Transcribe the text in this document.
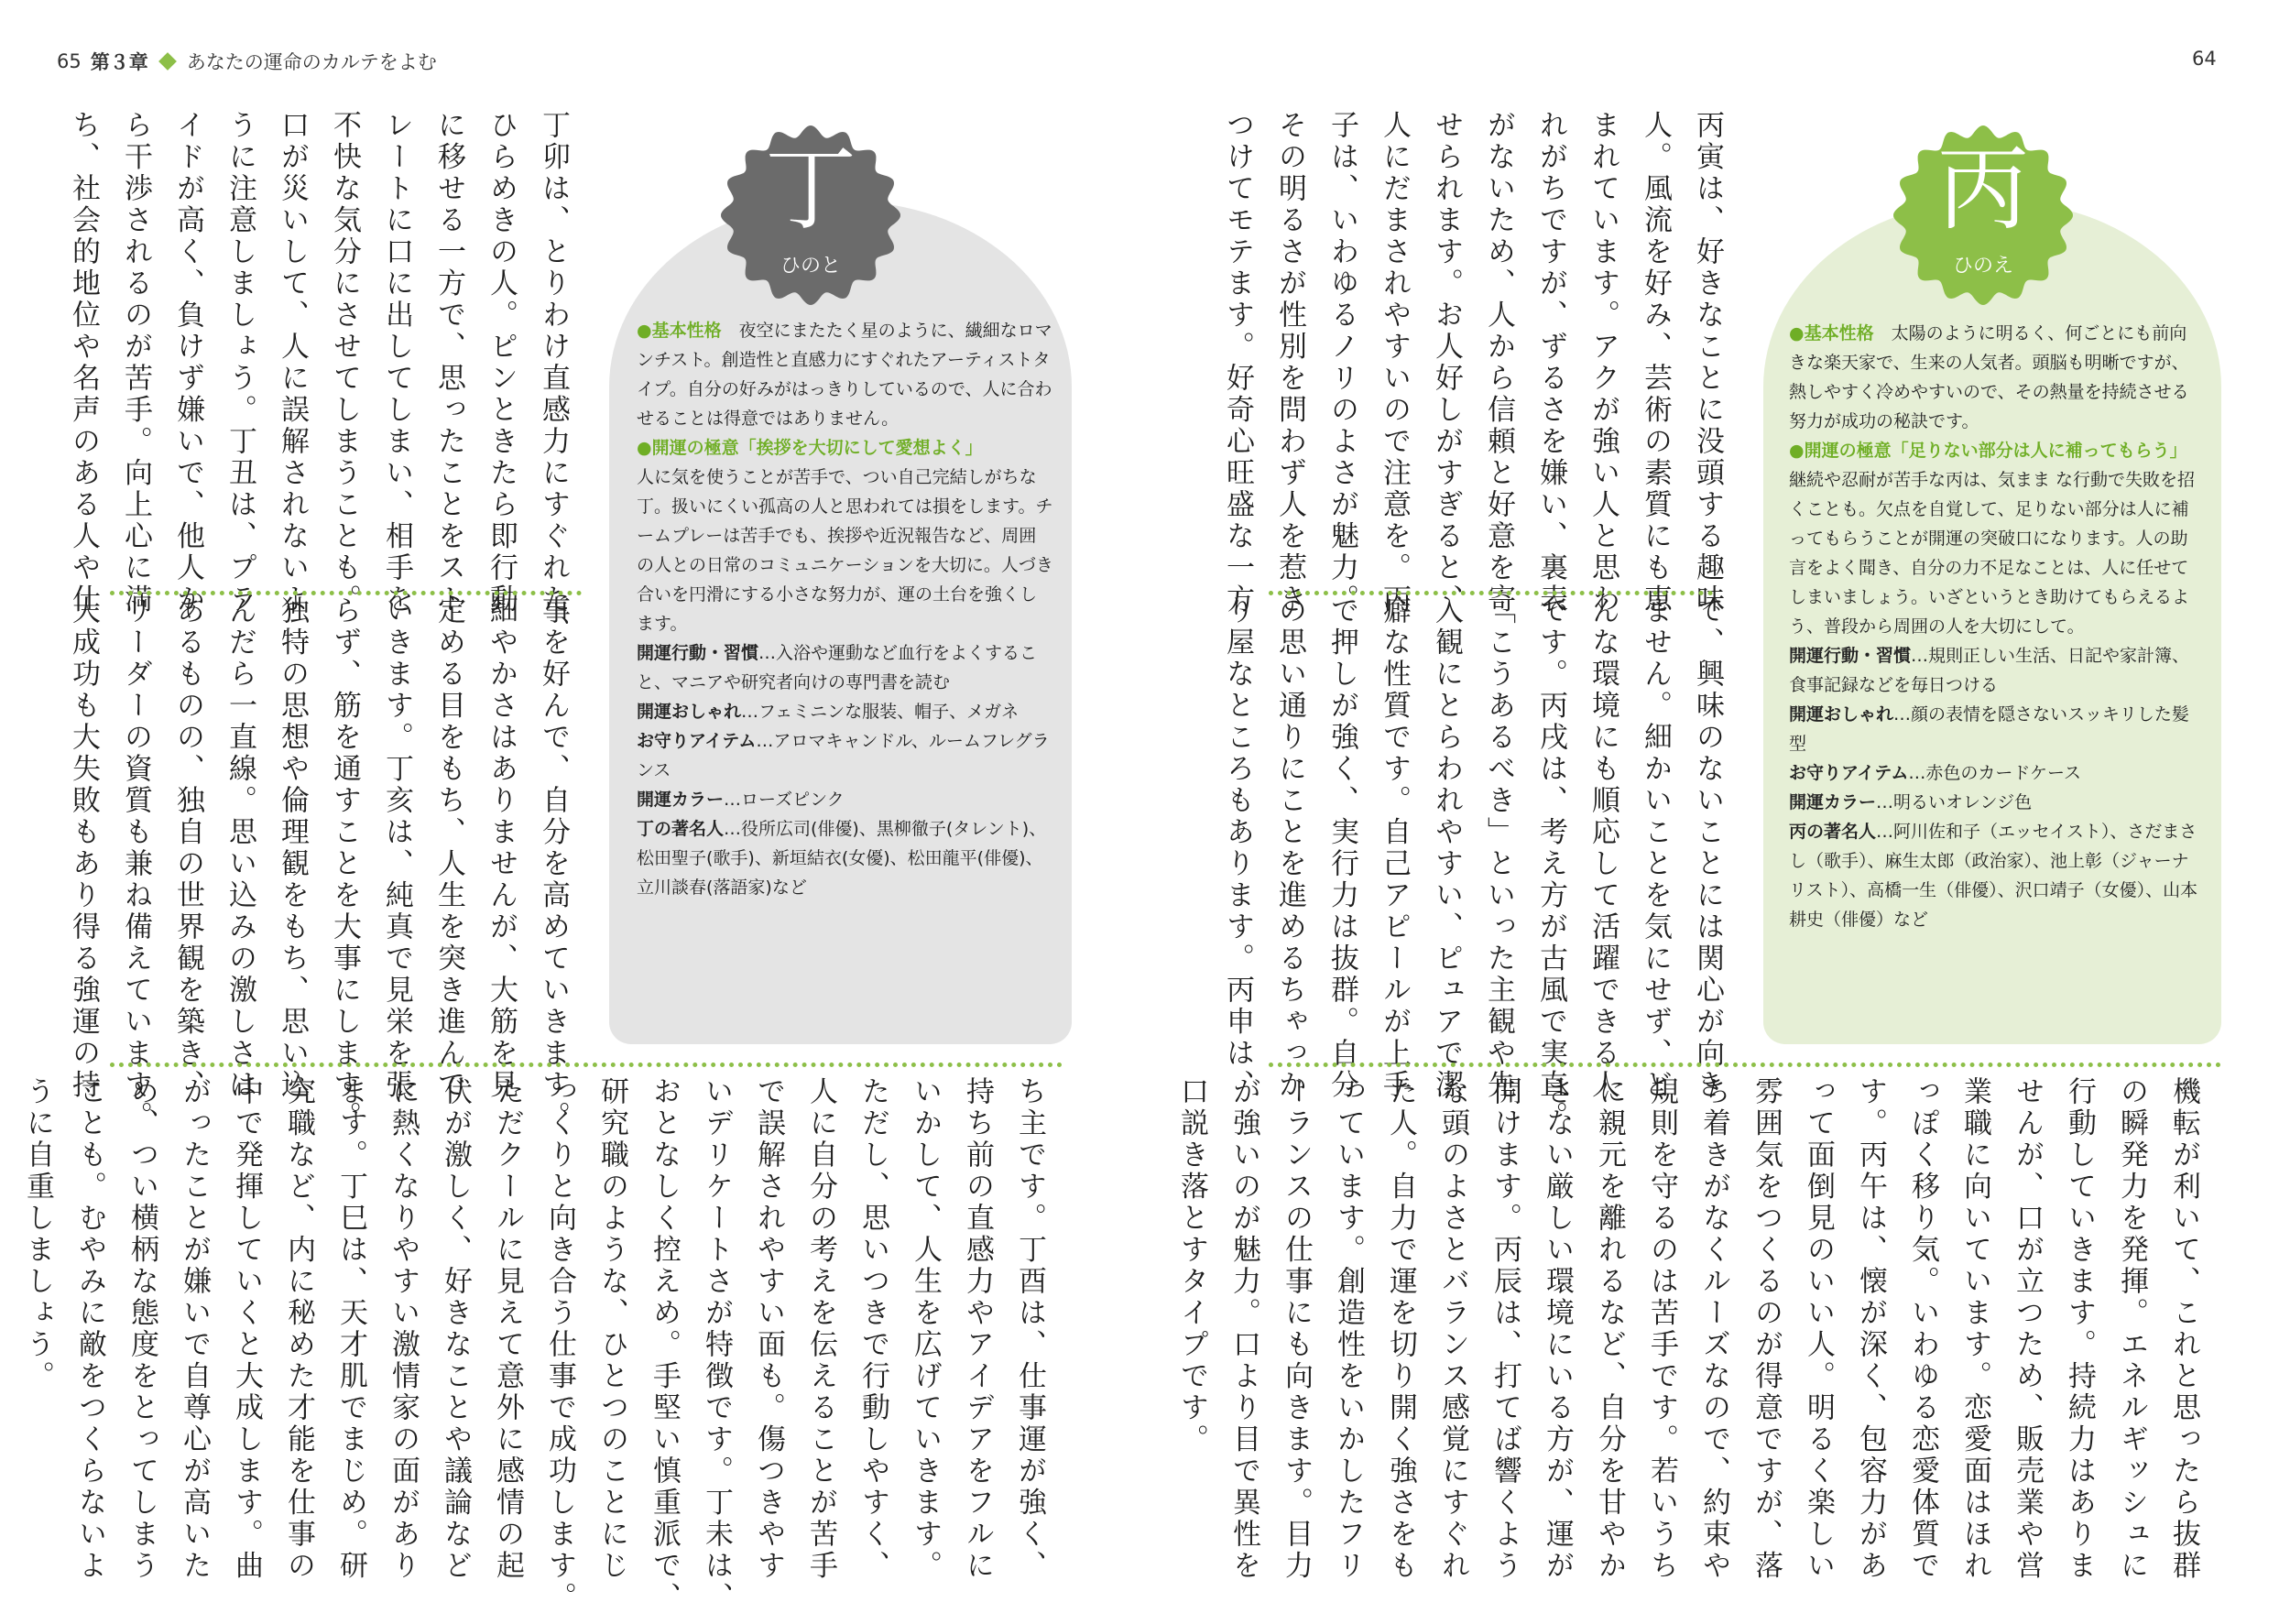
65 第３章 あなたの運命のカルテをよむ	64
丁卯は、とりわけ直感力にすぐれた、
ひらめきの人。ピンときたら即行動
に移せる一方で、思ったことをスト
レートに口に出してしまい、相手を
不快な気分にさせてしまうことも。
口が災いして、人に誤解されないよ
うに注意しましょう。丁丑は、プラ
イドが高く、負けず嫌いで、他人か
ら干渉されるのが苦手。向上心に満
ち、社会的地位や名声のある人や仕
事を好んで、自分を高めていきます。
細やかさはありませんが、大筋を見
定める目をもち、人生を突き進んで
いきます。丁亥は、純真で見栄を張
らず、筋を通すことを大事にします。
独特の思想や倫理観をもち、思い込
んだら一直線。思い込みの激しさは
あるものの、独自の世界観を築き、
リーダーの資質も兼ね備えています。
大成功も大失敗もあり得る強運の持
ち主です。丁酉は、仕事運が強く、
持ち前の直感力やアイデアをフルに
いかして、人生を広げていきます。
ただし、思いつきで行動しやすく、
人に自分の考えを伝えることが苦手
で誤解されやすい面も。傷つきやす
いデリケートさが特徴です。丁未は、
おとなしく控えめ。手堅い慎重派で、
研究職のような、ひとつのことにじ
っくりと向き合う仕事で成功します。
ただクールに見えて意外に感情の起
伏が激しく、好きなことや議論など
に熱くなりやすい激情家の面があり
ます。丁巳は、天才肌でまじめ。研
究職など、内に秘めた才能を仕事の
中で発揮していくと大成します。曲
がったことが嫌いで自尊心が高いた
め、つい横柄な態度をとってしまう
ことも。むやみに敵をつくらないよ
うに自重しましょう。

●基本性格　 夜空にまたたく星のように、繊細なロマンチスト。創造性と直感力にすぐれたアーティストタイプ。自分の好みがはっきりしているので、人に合わせることは得意ではありません。

●開運の極意「挨拶を大切にして愛想よく」
人に気を使うことが苦手で、つい自己完結しがちな丁。扱いにくい孤高の人と思われては損をします。チームプレーは苦手でも、挨拶や近況報告など、周囲の人との日常のコミュニケーションを大切に。人づき合いを円滑にする小さな努力が、運の土台を強くします。

開運行動・習慣…入浴や運動など血行をよくすること、マニアや研究者向けの専門書を読む

開運おしゃれ…フェミニンな服装、帽子、メガネ

お守りアイテム…アロマキャンドル、ルームフレグランス

開運カラー…ローズピンク

丁の著名人…役所広司(俳優)、黒柳徹子(タレント)、松田聖子(歌手)、新垣結衣(女優)、松田龍平(俳優)、立川談春(落語家)など

丁
ひのと	丙寅は、好きなことに没頭する趣味
人。風流を好み、芸術の素質にも恵
まれています。アクが強い人と思わ
れがちですが、ずるさを嫌い、裏表
がないため、人から信頼と好意を寄
せられます。お人好しがすぎると、
人にだまされやすいので注意を。丙
子は、いわゆるノリのよさが魅力。
その明るさが性別を問わず人を惹き
つけてモテます。好奇心旺盛な一方
で、興味のないことには関心が向き
ません。細かいことを気にせず、ど
んな環境にも順応して活躍できる人
です。丙戌は、考え方が古風で実直。
「こうあるべき」といった主観や先
入観にとらわれやすい、ピュアで潔
癖な性質です。自己アピールが上手
で押しが強く、実行力は抜群。自分
の思い通りにことを進めるちゃっか
り屋なところもあります。丙申は、
機転が利いて、これと思ったら抜群
の瞬発力を発揮。エネルギッシュに
行動していきます。持続力はありま
せんが、口が立つため、販売業や営
業職に向いています。恋愛面はほれ
っぽく移り気。いわゆる恋愛体質で
す。丙午は、懐が深く、包容力があ
って面倒見のいい人。明るく楽しい
雰囲気をつくるのが得意ですが、落
ち着きがなくルーズなので、約束や
規則を守るのは苦手です。若いうち
に親元を離れるなど、自分を甘やか
さない厳しい環境にいる方が、運が
開けます。丙辰は、打てば響くよう
な頭のよさとバランス感覚にすぐれ
た人。自力で運を切り開く強さをも
っています。創造性をいかしたフリ
ーランスの仕事にも向きます。目力
が強いのが魅力。口より目で異性を
口説き落とすタイプです。

●基本性格　 太陽のように明るく、何ごとにも前向きな楽天家で、生来の人気者。頭脳も明晰ですが、熱しやすく冷めやすいので、その熱量を持続させる努力が成功の秘訣です。

●開運の極意「足りない部分は人に補ってもらう」継続や忍耐が苦手な丙は、気まま な行動で失敗を招くことも。欠点を自覚して、足りない部分は人に補ってもらうことが開運の突破口になります。人の助言をよく聞き、自分の力不足なことは、人に任せてしまいましょう。いざというとき助けてもらえるよう、普段から周囲の人を大切にして。

開運行動・習慣…規則正しい生活、日記や家計簿、食事記録などを毎日つける

開運おしゃれ…顔の表情を隠さないスッキリした髪型

お守りアイテム…赤色のカードケース

開運カラー…明るいオレンジ色

丙の著名人…阿川佐和子（エッセイスト）、さだまさし（歌手）、麻生太郎（政治家）、池上彰（ジャーナリスト）、高橋一生（俳優）、沢口靖子（女優）、山本耕史（俳優）など

丙
ひのえ
